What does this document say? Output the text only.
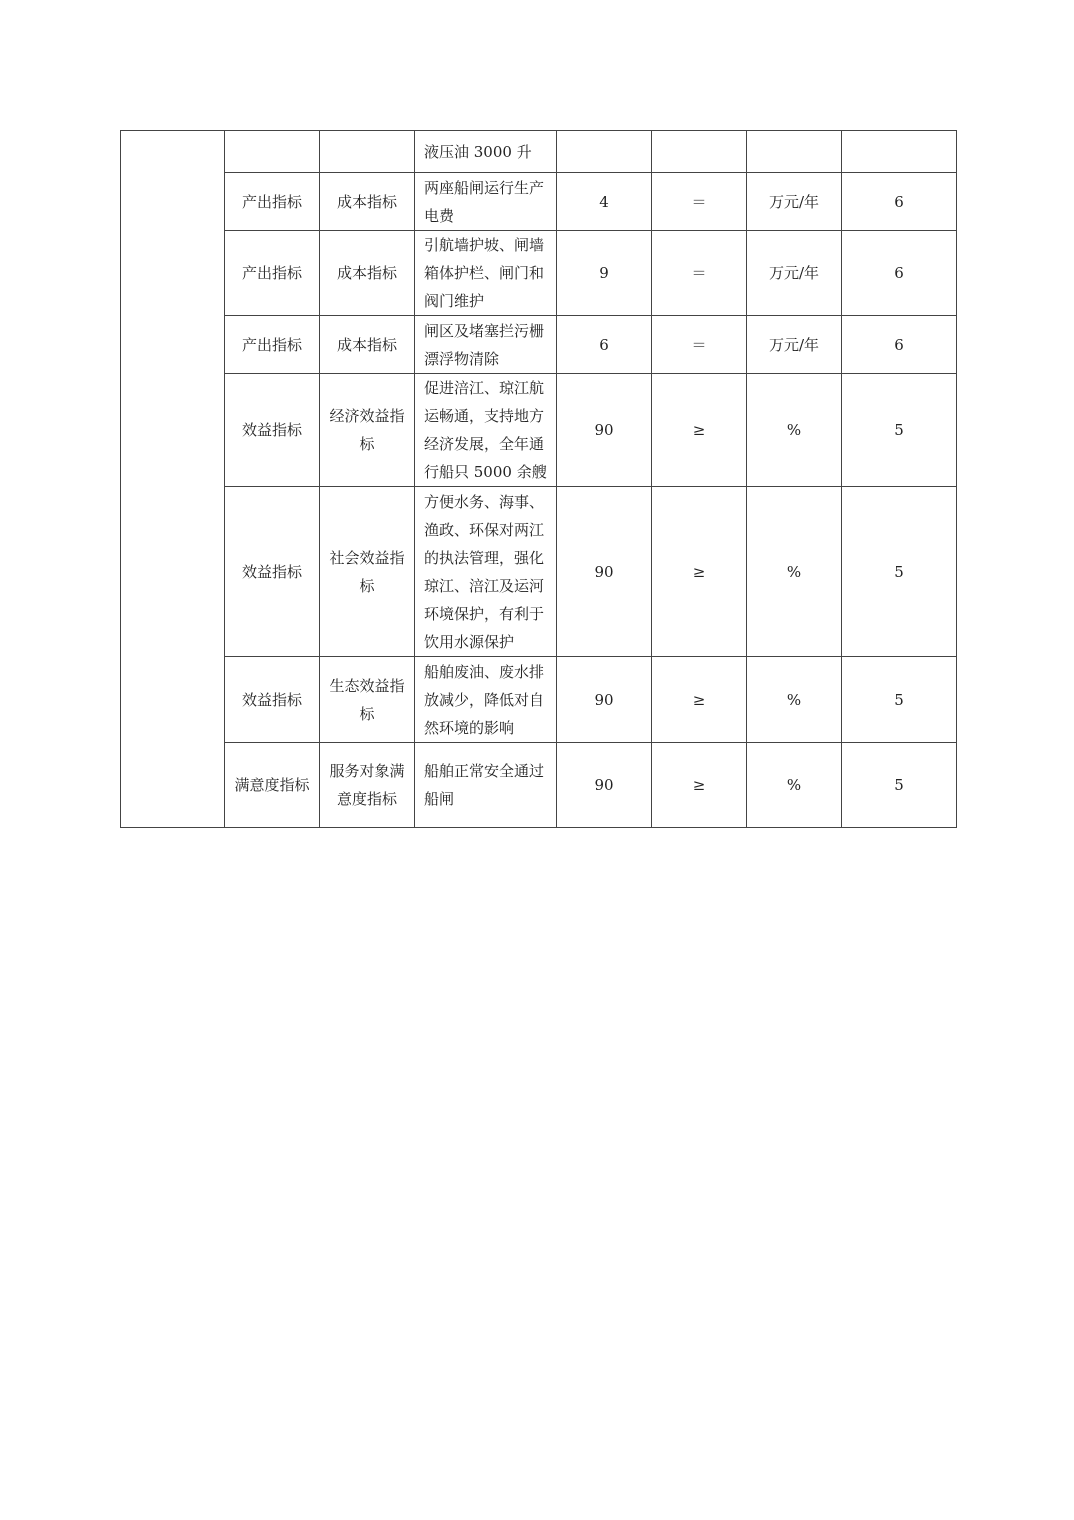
			液压油 3000 升				
	产出指标	成本指标	两座船闸运行生产电费	4	＝	万元/年	6
	产出指标	成本指标	引航墙护坡、闸墙箱体护栏、闸门和阀门维护	9	＝	万元/年	6
	产出指标	成本指标	闸区及堵塞拦污栅漂浮物清除	6	＝	万元/年	6
	效益指标	经济效益指标	促进涪江、琼江航运畅通，支持地方经济发展，全年通行船只 5000 余艘	90	≥	%	5
	效益指标	社会效益指标	方便水务、海事、渔政、环保对两江的执法管理，强化琼江、涪江及运河环境保护，有利于饮用水源保护	90	≥	%	5
	效益指标	生态效益指标	船舶废油、废水排放减少，降低对自然环境的影响	90	≥	%	5
	满意度指标	服务对象满意度指标	船舶正常安全通过船闸	90	≥	%	5
